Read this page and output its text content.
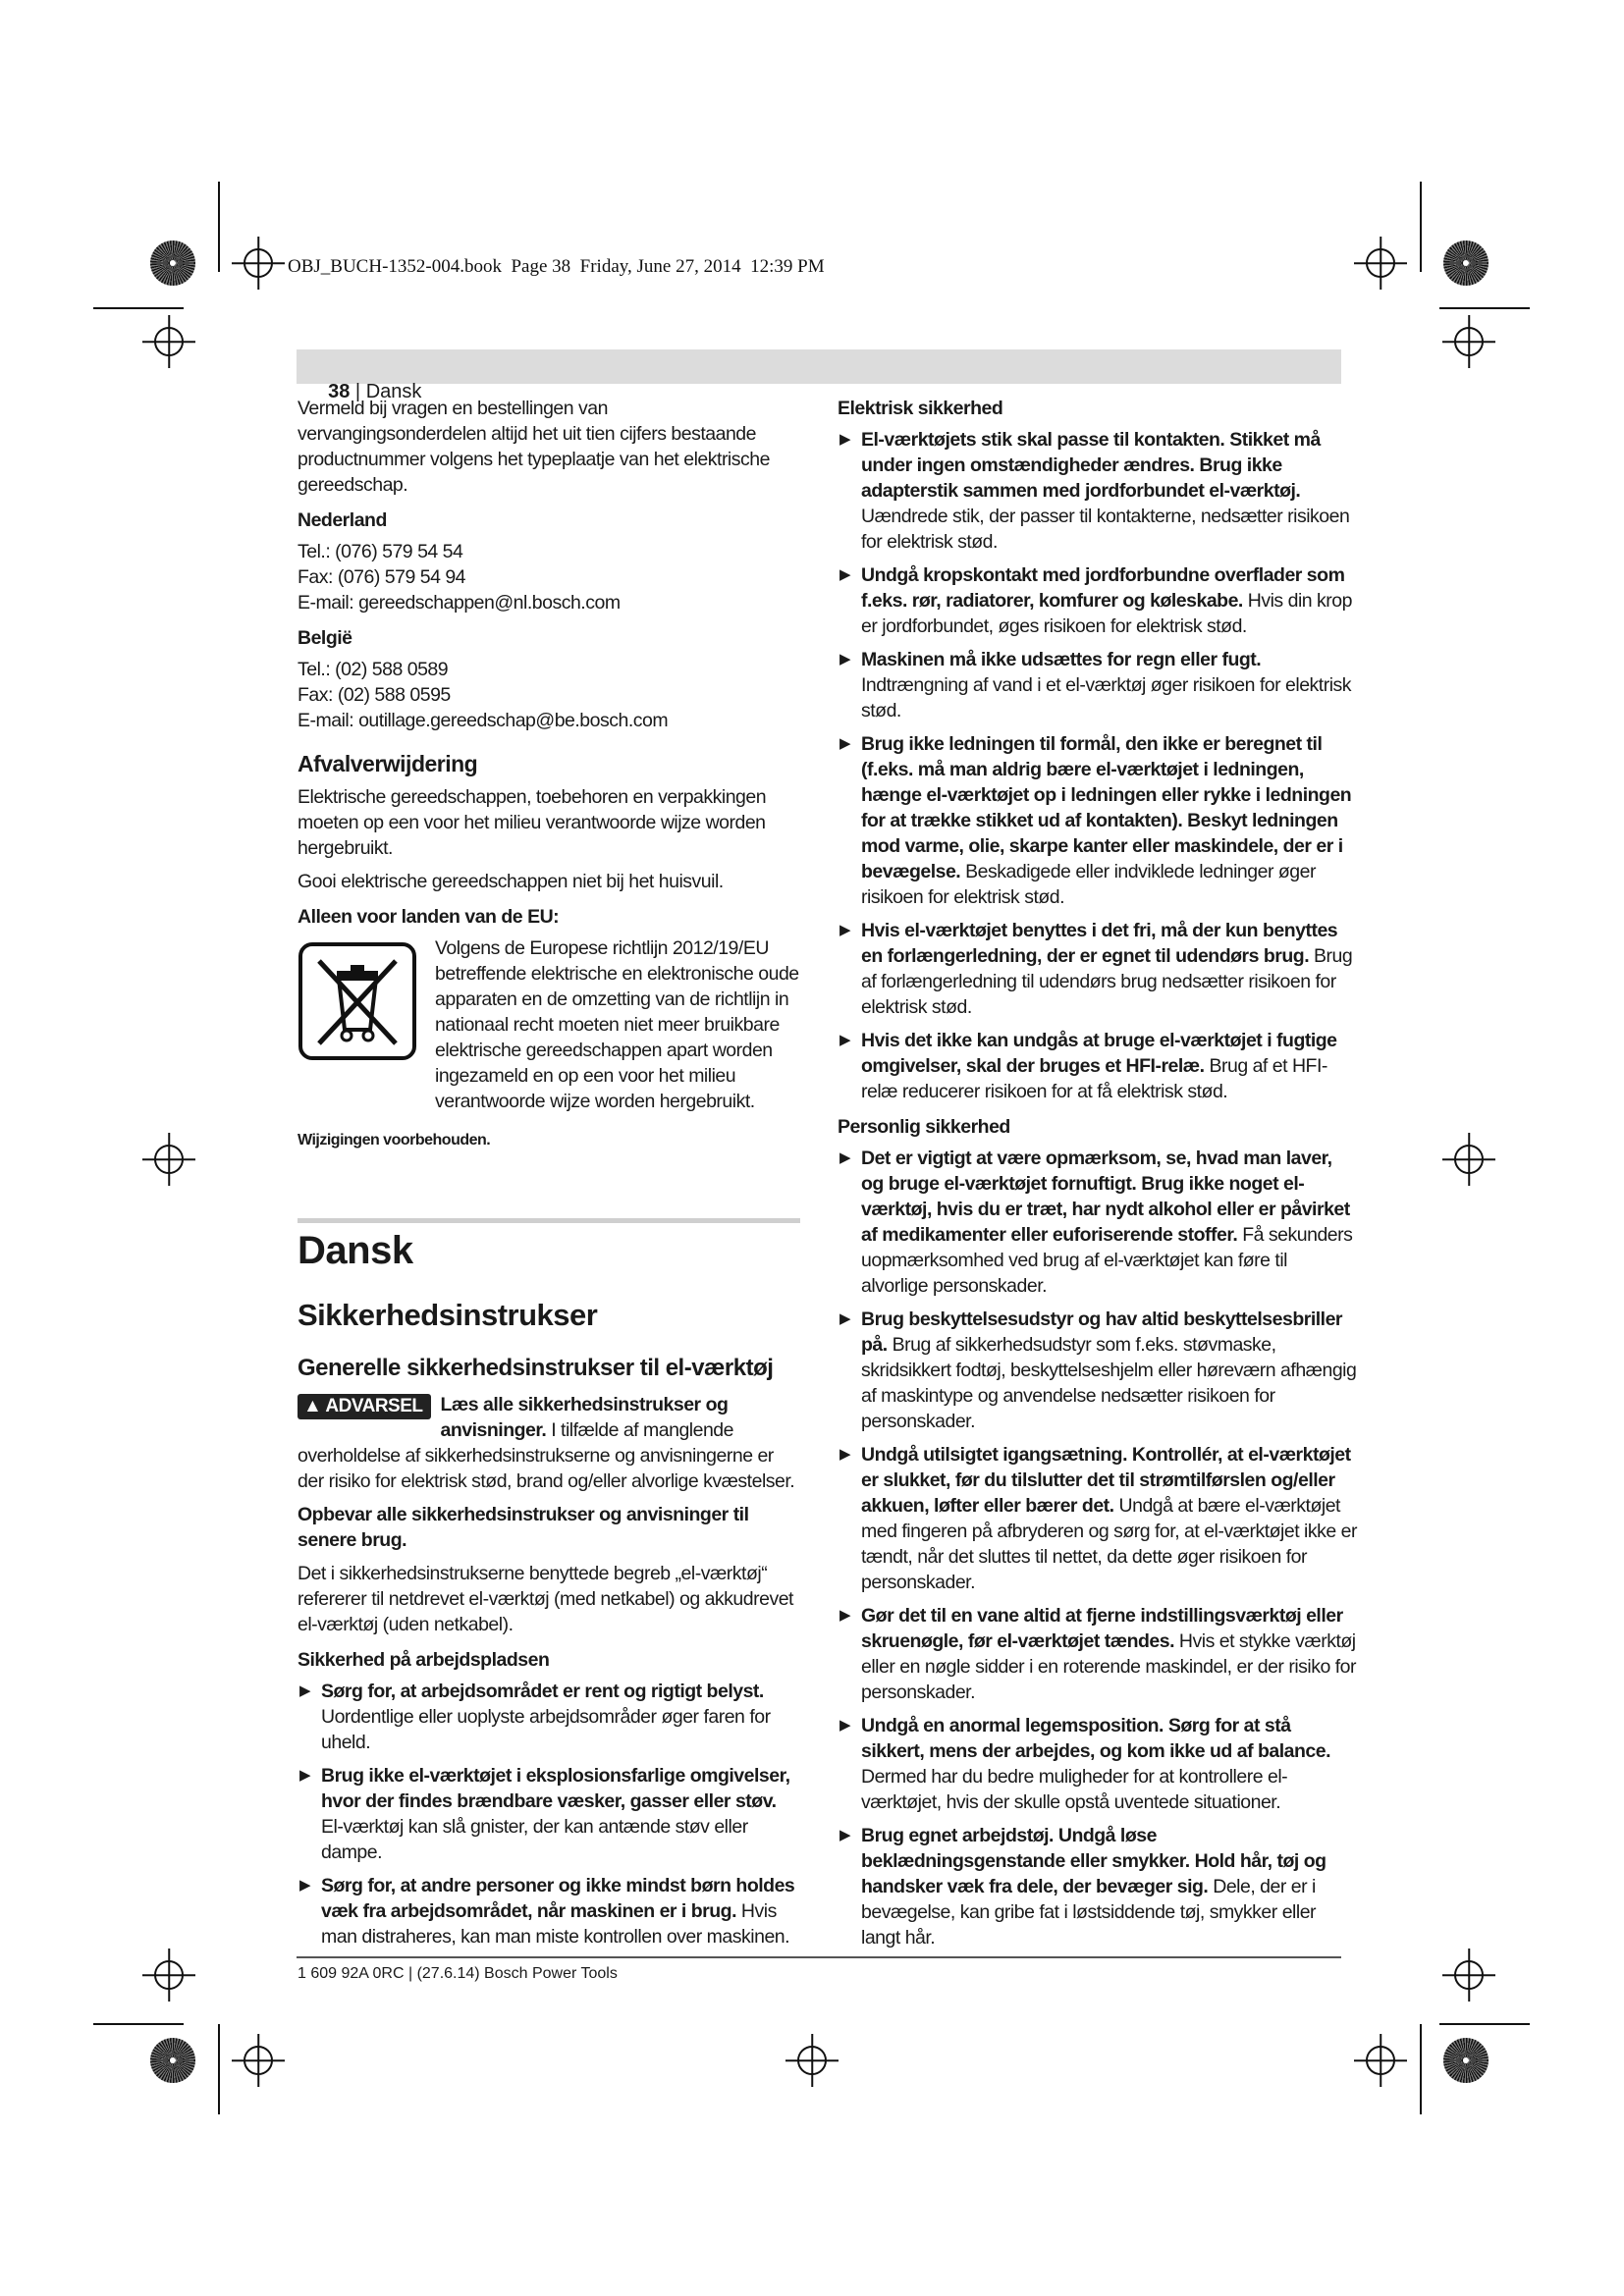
OBJ_BUCH-1352-004.book  Page 38  Friday, June 27, 2014  12:39 PM

38 | Dansk

Vermeld bij vragen en bestellingen van vervangingsonderdelen altijd het uit tien cijfers bestaande productnummer volgens het typeplaatje van het elektrische gereedschap.

Nederland
Tel.: (076) 579 54 54
Fax: (076) 579 54 94
E-mail: gereedschappen@nl.bosch.com
België
Tel.: (02) 588 0589
Fax: (02) 588 0595
E-mail: outillage.gereedschap@be.bosch.com
Afvalverwijdering

Elektrische gereedschappen, toebehoren en verpakkingen moeten op een voor het milieu verantwoorde wijze worden hergebruikt.

Gooi elektrische gereedschappen niet bij het huisvuil.

Alleen voor landen van de EU:
Volgens de Europese richtlijn 2012/19/EU betreffende elektrische en elektronische oude apparaten en de omzetting van de richtlijn in nationaal recht moeten niet meer bruikbare elektrische gereedschappen apart worden ingezameld en op een voor het milieu verantwoorde wijze worden hergebruikt.
Wijzigingen voorbehouden.
Dansk
Sikkerhedsinstrukser
Generelle sikkerhedsinstrukser til el-værktøj
▲ ADVARSEL Læs alle sikkerhedsinstrukser og anvisninger. I tilfælde af manglende overholdelse af sikkerhedsinstrukserne og anvisningerne er der risiko for elektrisk stød, brand og/eller alvorlige kvæstelser.

Opbevar alle sikkerhedsinstrukser og anvisninger til senere brug.

Det i sikkerhedsinstrukserne benyttede begreb „el-værktøj“ refererer til netdrevet el-værktøj (med netkabel) og akkudrevet el-værktøj (uden netkabel).

Sikkerhed på arbejdspladsen
▶ Sørg for, at arbejdsområdet er rent og rigtigt belyst. Uordentlige eller uoplyste arbejdsområder øger faren for uheld.
▶ Brug ikke el-værktøjet i eksplosionsfarlige omgivelser, hvor der findes brændbare væsker, gasser eller støv. El-værktøj kan slå gnister, der kan antænde støv eller dampe.
▶ Sørg for, at andre personer og ikke mindst børn holdes væk fra arbejdsområdet, når maskinen er i brug. Hvis man distraheres, kan man miste kontrollen over maskinen.
Elektrisk sikkerhed
▶ El-værktøjets stik skal passe til kontakten. Stikket må under ingen omstændigheder ændres. Brug ikke adapterstik sammen med jordforbundet el-værktøj. Uændrede stik, der passer til kontakterne, nedsætter risikoen for elektrisk stød.
▶ Undgå kropskontakt med jordforbundne overflader som f.eks. rør, radiatorer, komfurer og køleskabe. Hvis din krop er jordforbundet, øges risikoen for elektrisk stød.
▶ Maskinen må ikke udsættes for regn eller fugt. Indtrængning af vand i et el-værktøj øger risikoen for elektrisk stød.
▶ Brug ikke ledningen til formål, den ikke er beregnet til (f.eks. må man aldrig bære el-værktøjet i ledningen, hænge el-værktøjet op i ledningen eller rykke i ledningen for at trække stikket ud af kontakten). Beskyt ledningen mod varme, olie, skarpe kanter eller maskindele, der er i bevægelse. Beskadigede eller indviklede ledninger øger risikoen for elektrisk stød.
▶ Hvis el-værktøjet benyttes i det fri, må der kun benyttes en forlængerledning, der er egnet til udendørs brug. Brug af forlængerledning til udendørs brug nedsætter risikoen for elektrisk stød.
▶ Hvis det ikke kan undgås at bruge el-værktøjet i fugtige omgivelser, skal der bruges et HFI-relæ. Brug af et HFI-relæ reducerer risikoen for at få elektrisk stød.
Personlig sikkerhed
▶ Det er vigtigt at være opmærksom, se, hvad man laver, og bruge el-værktøjet fornuftigt. Brug ikke noget el-værktøj, hvis du er træt, har nydt alkohol eller er påvirket af medikamenter eller euforiserende stoffer. Få sekunders uopmærksomhed ved brug af el-værktøjet kan føre til alvorlige personskader.
▶ Brug beskyttelsesudstyr og hav altid beskyttelsesbriller på. Brug af sikkerhedsudstyr som f.eks. støvmaske, skridsikkert fodtøj, beskyttelseshjelm eller høreværn afhængig af maskintype og anvendelse nedsætter risikoen for personskader.
▶ Undgå utilsigtet igangsætning. Kontrollér, at el-værktøjet er slukket, før du tilslutter det til strømtilførslen og/eller akkuen, løfter eller bærer det. Undgå at bære el-værktøjet med fingeren på afbryderen og sørg for, at el-værktøjet ikke er tændt, når det sluttes til nettet, da dette øger risikoen for personskader.
▶ Gør det til en vane altid at fjerne indstillingsværktøj eller skruenøgle, før el-værktøjet tændes. Hvis et stykke værktøj eller en nøgle sidder i en roterende maskindel, er der risiko for personskader.
▶ Undgå en anormal legemsposition. Sørg for at stå sikkert, mens der arbejdes, og kom ikke ud af balance. Dermed har du bedre muligheder for at kontrollere el-værktøjet, hvis der skulle opstå uventede situationer.
▶ Brug egnet arbejdstøj. Undgå løse beklædningsgenstande eller smykker. Hold hår, tøj og handsker væk fra dele, der bevæger sig. Dele, der er i bevægelse, kan gribe fat i løstsiddende tøj, smykker eller langt hår.
1 609 92A 0RC | (27.6.14) Bosch Power Tools
